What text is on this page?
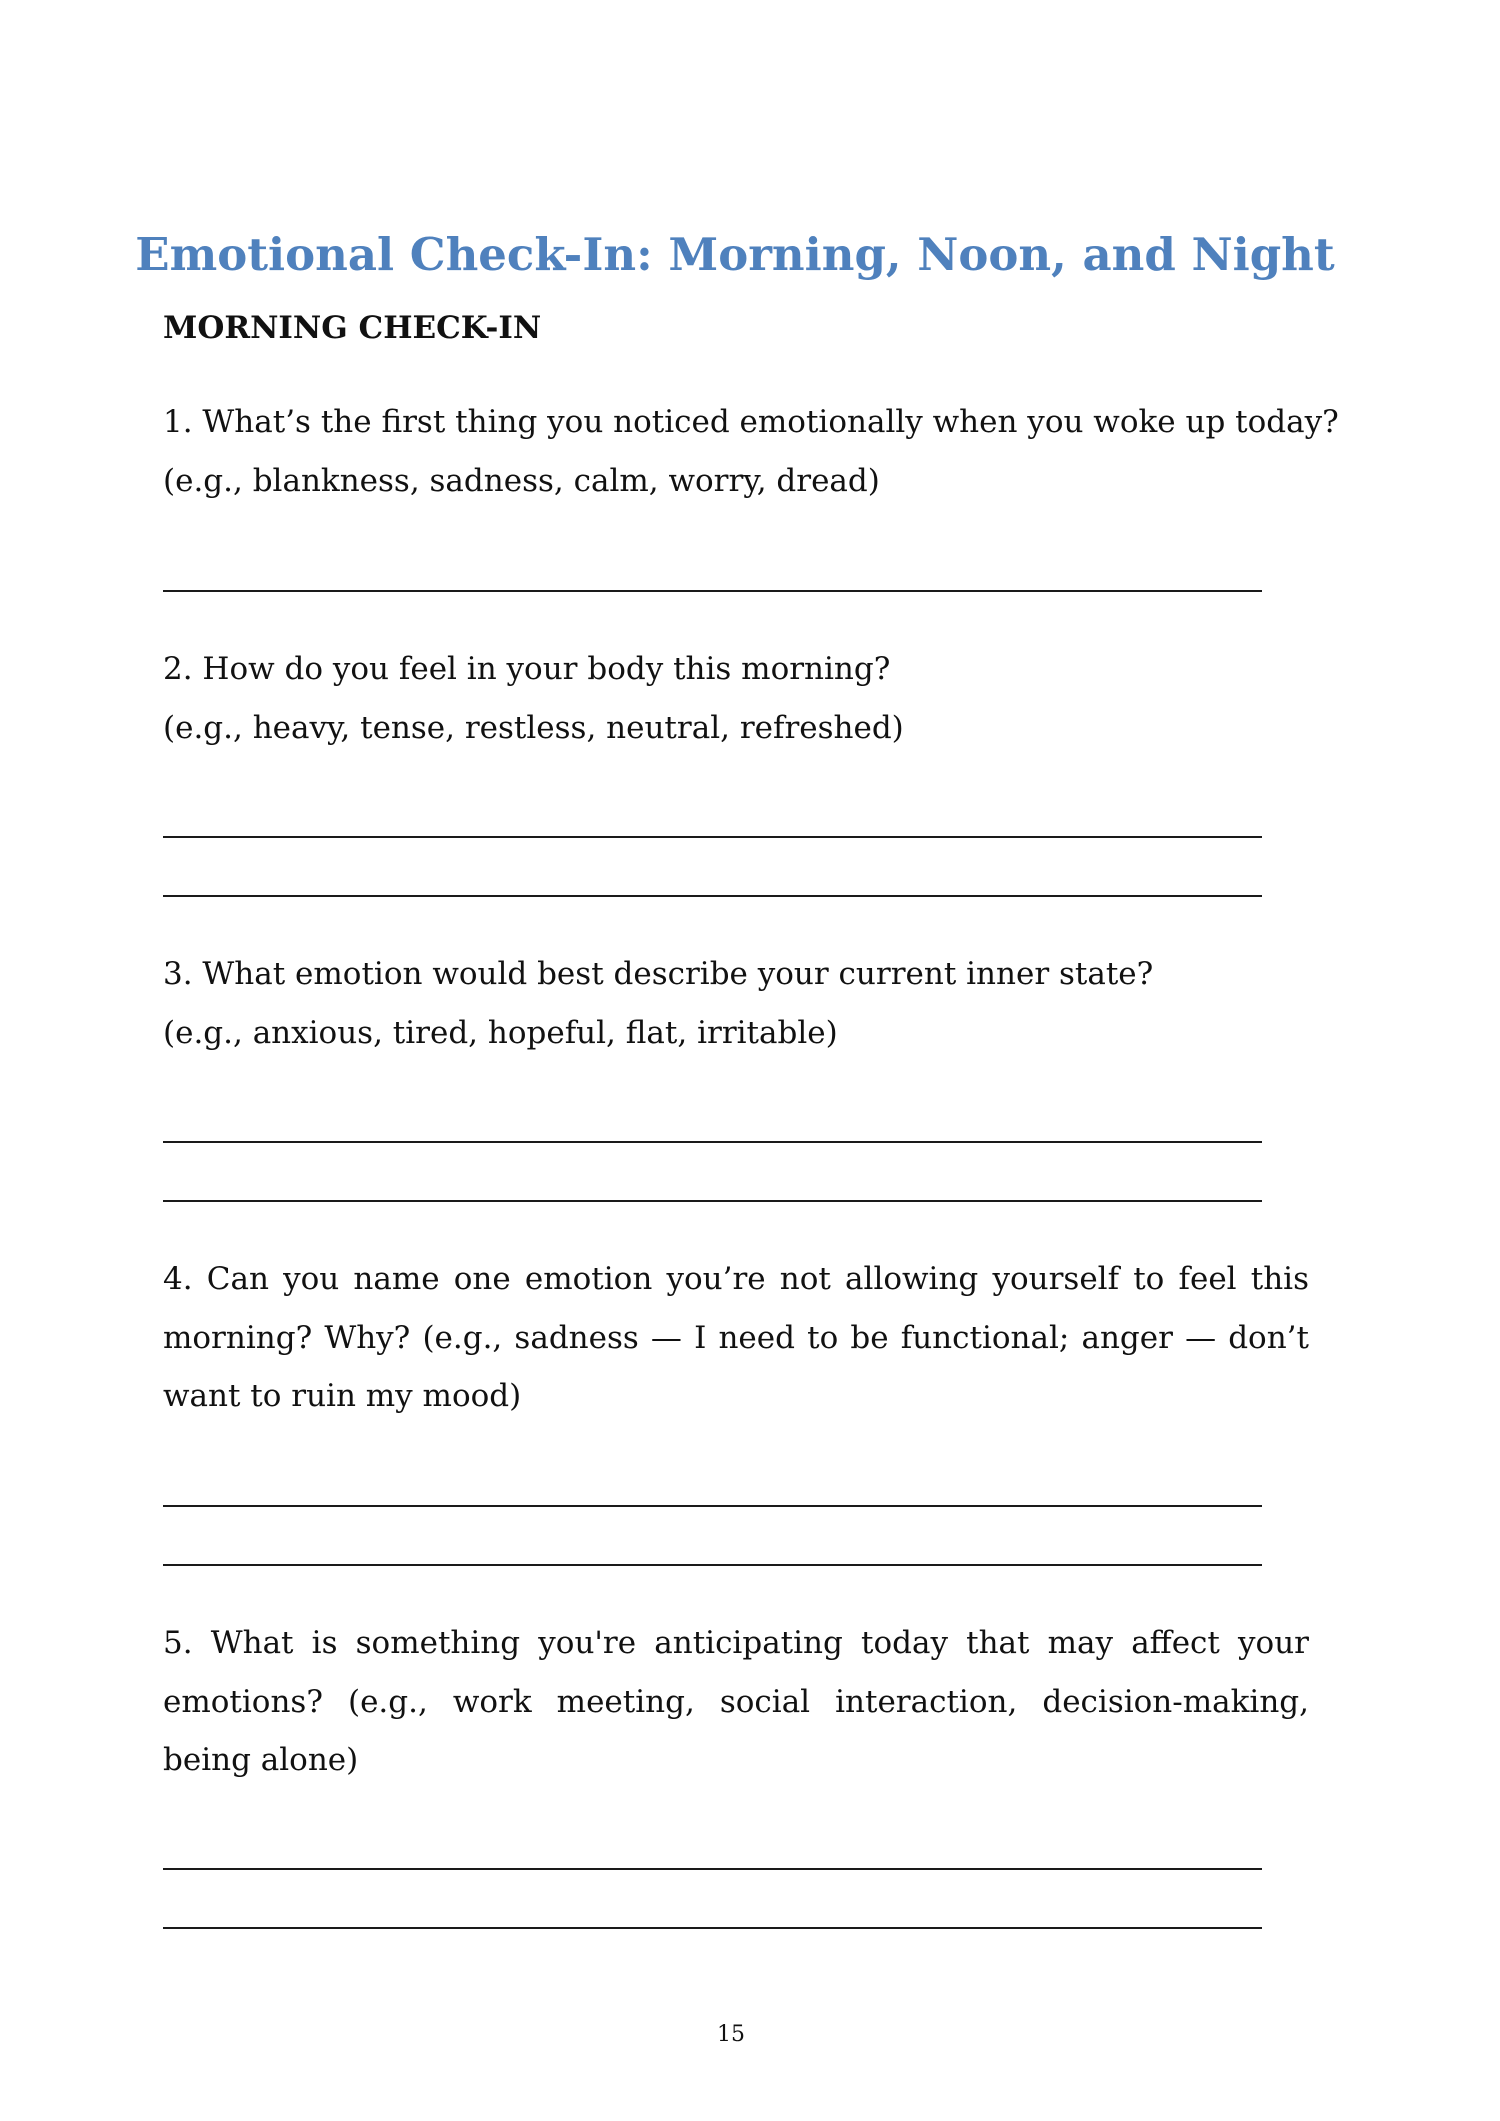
Emotional Check-In: Morning, Noon, and Night
MORNING CHECK-IN

1. What’s the first thing you noticed emotionally when you woke up today?

(e.g., blankness, sadness, calm, worry, dread)

2. How do you feel in your body this morning?

(e.g., heavy, tense, restless, neutral, refreshed)

3. What emotion would best describe your current inner state?

(e.g., anxious, tired, hopeful, flat, irritable)

4. Can you name one emotion you’re not allowing yourself to feel this morning? Why? (e.g., sadness — I need to be functional; anger — don’t want to ruin my mood)

5. What is something you're anticipating today that may affect your emotions? (e.g., work meeting, social interaction, decision-making, being alone)

15
